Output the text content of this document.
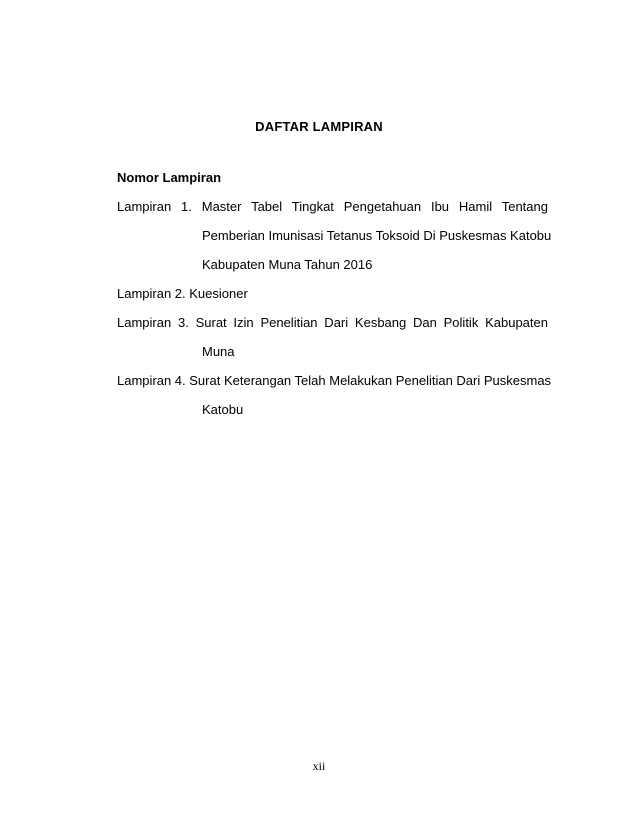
DAFTAR LAMPIRAN
Nomor Lampiran
Lampiran 1. Master Tabel Tingkat Pengetahuan Ibu Hamil Tentang
Pemberian Imunisasi Tetanus Toksoid Di Puskesmas Katobu
Kabupaten Muna Tahun 2016
Lampiran 2. Kuesioner
Lampiran 3. Surat Izin Penelitian Dari Kesbang Dan Politik Kabupaten
Muna
Lampiran 4. Surat Keterangan Telah Melakukan Penelitian Dari Puskesmas
Katobu
xii
